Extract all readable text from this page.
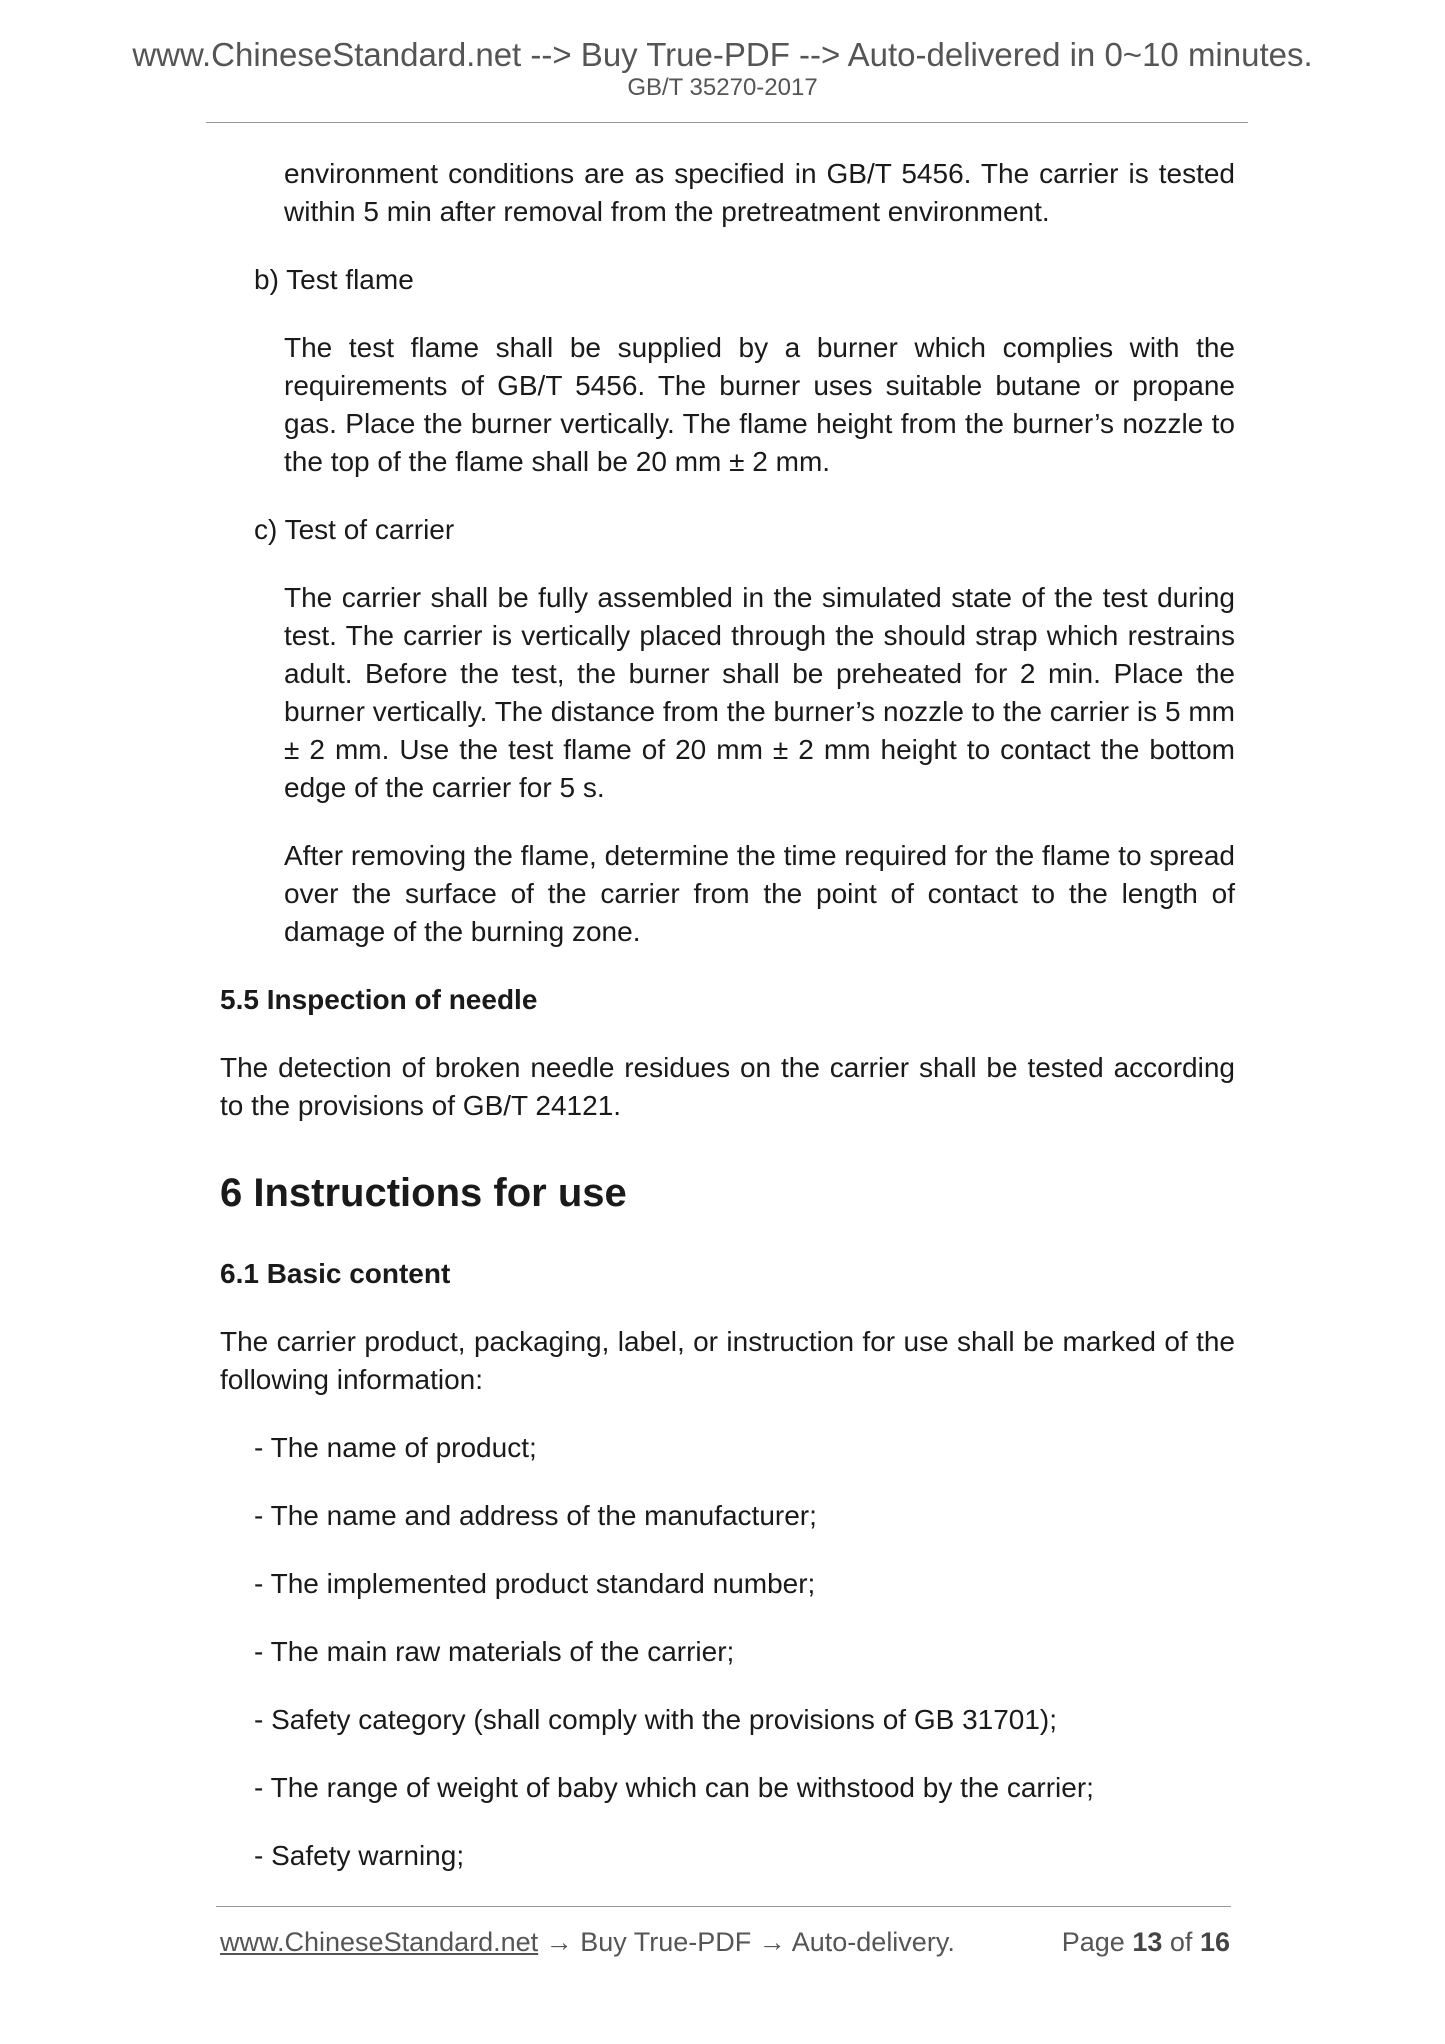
www.ChineseStandard.net --> Buy True-PDF --> Auto-delivered in 0~10 minutes.
GB/T 35270-2017

environment conditions are as specified in GB/T 5456. The carrier is tested within 5 min after removal from the pretreatment environment.

b) Test flame

The test flame shall be supplied by a burner which complies with the requirements of GB/T 5456. The burner uses suitable butane or propane gas. Place the burner vertically. The flame height from the burner’s nozzle to the top of the flame shall be 20 mm ± 2 mm.

c) Test of carrier

The carrier shall be fully assembled in the simulated state of the test during test. The carrier is vertically placed through the should strap which restrains adult. Before the test, the burner shall be preheated for 2 min. Place the burner vertically. The distance from the burner’s nozzle to the carrier is 5 mm ± 2 mm. Use the test flame of 20 mm ± 2 mm height to contact the bottom edge of the carrier for 5 s.

After removing the flame, determine the time required for the flame to spread over the surface of the carrier from the point of contact to the length of damage of the burning zone.

5.5 Inspection of needle

The detection of broken needle residues on the carrier shall be tested according to the provisions of GB/T 24121.

6 Instructions for use

6.1 Basic content

The carrier product, packaging, label, or instruction for use shall be marked of the following information:

- The name of product;

- The name and address of the manufacturer;

- The implemented product standard number;

- The main raw materials of the carrier;

- Safety category (shall comply with the provisions of GB 31701);

- The range of weight of baby which can be withstood by the carrier;

- Safety warning;

www.ChineseStandard.net → Buy True-PDF → Auto-delivery.	Page 13 of 16
